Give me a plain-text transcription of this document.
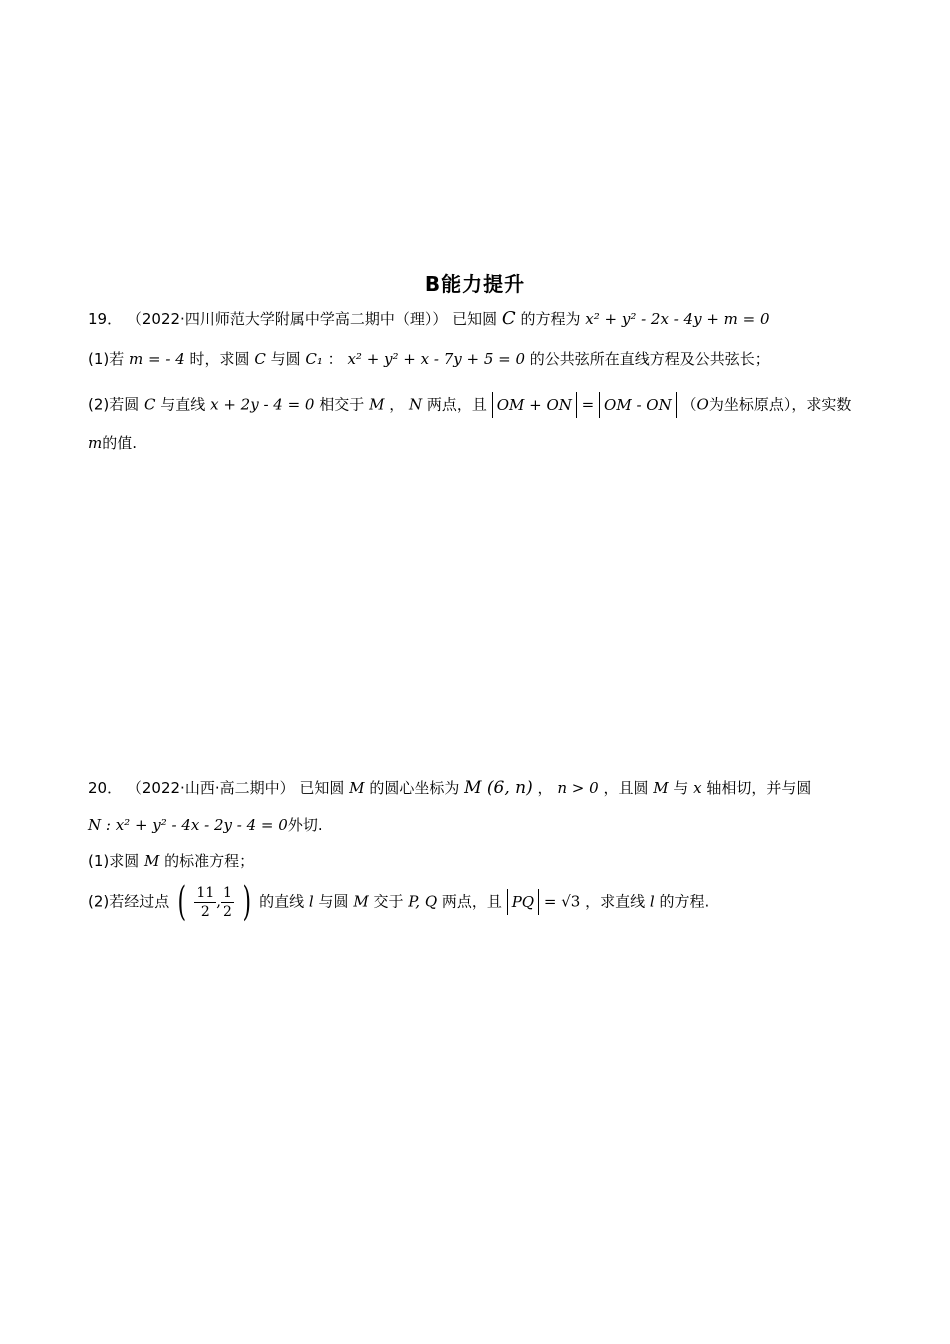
B能力提升
19． （2022·四川师范大学附属中学高二期中（理）） 已知圆 C 的方程为 x² + y² - 2x - 4y + m = 0
(1)若 m = - 4 时，求圆 C 与圆 C₁ ： x² + y² + x - 7y + 5 = 0 的公共弦所在直线方程及公共弦长；
(2)若圆 C 与直线 x + 2y - 4 = 0 相交于 M ， N 两点，且 OM + ON = OM - ON （O为坐标原点），求实数
m的值.
20． （2022·山西·高二期中） 已知圆 M 的圆心坐标为 M (6, n) ， n > 0 ，且圆 M 与 x 轴相切，并与圆
N : x² + y² - 4x - 2y - 4 = 0外切.
(1)求圆 M 的标准方程；
(2)若经过点 ( $\frac{11}{2}$ , $\frac{1}{2}$ ) 的直线 l 与圆 M 交于 P, Q 两点，且 PQ = √3 ，求直线 l 的方程.
